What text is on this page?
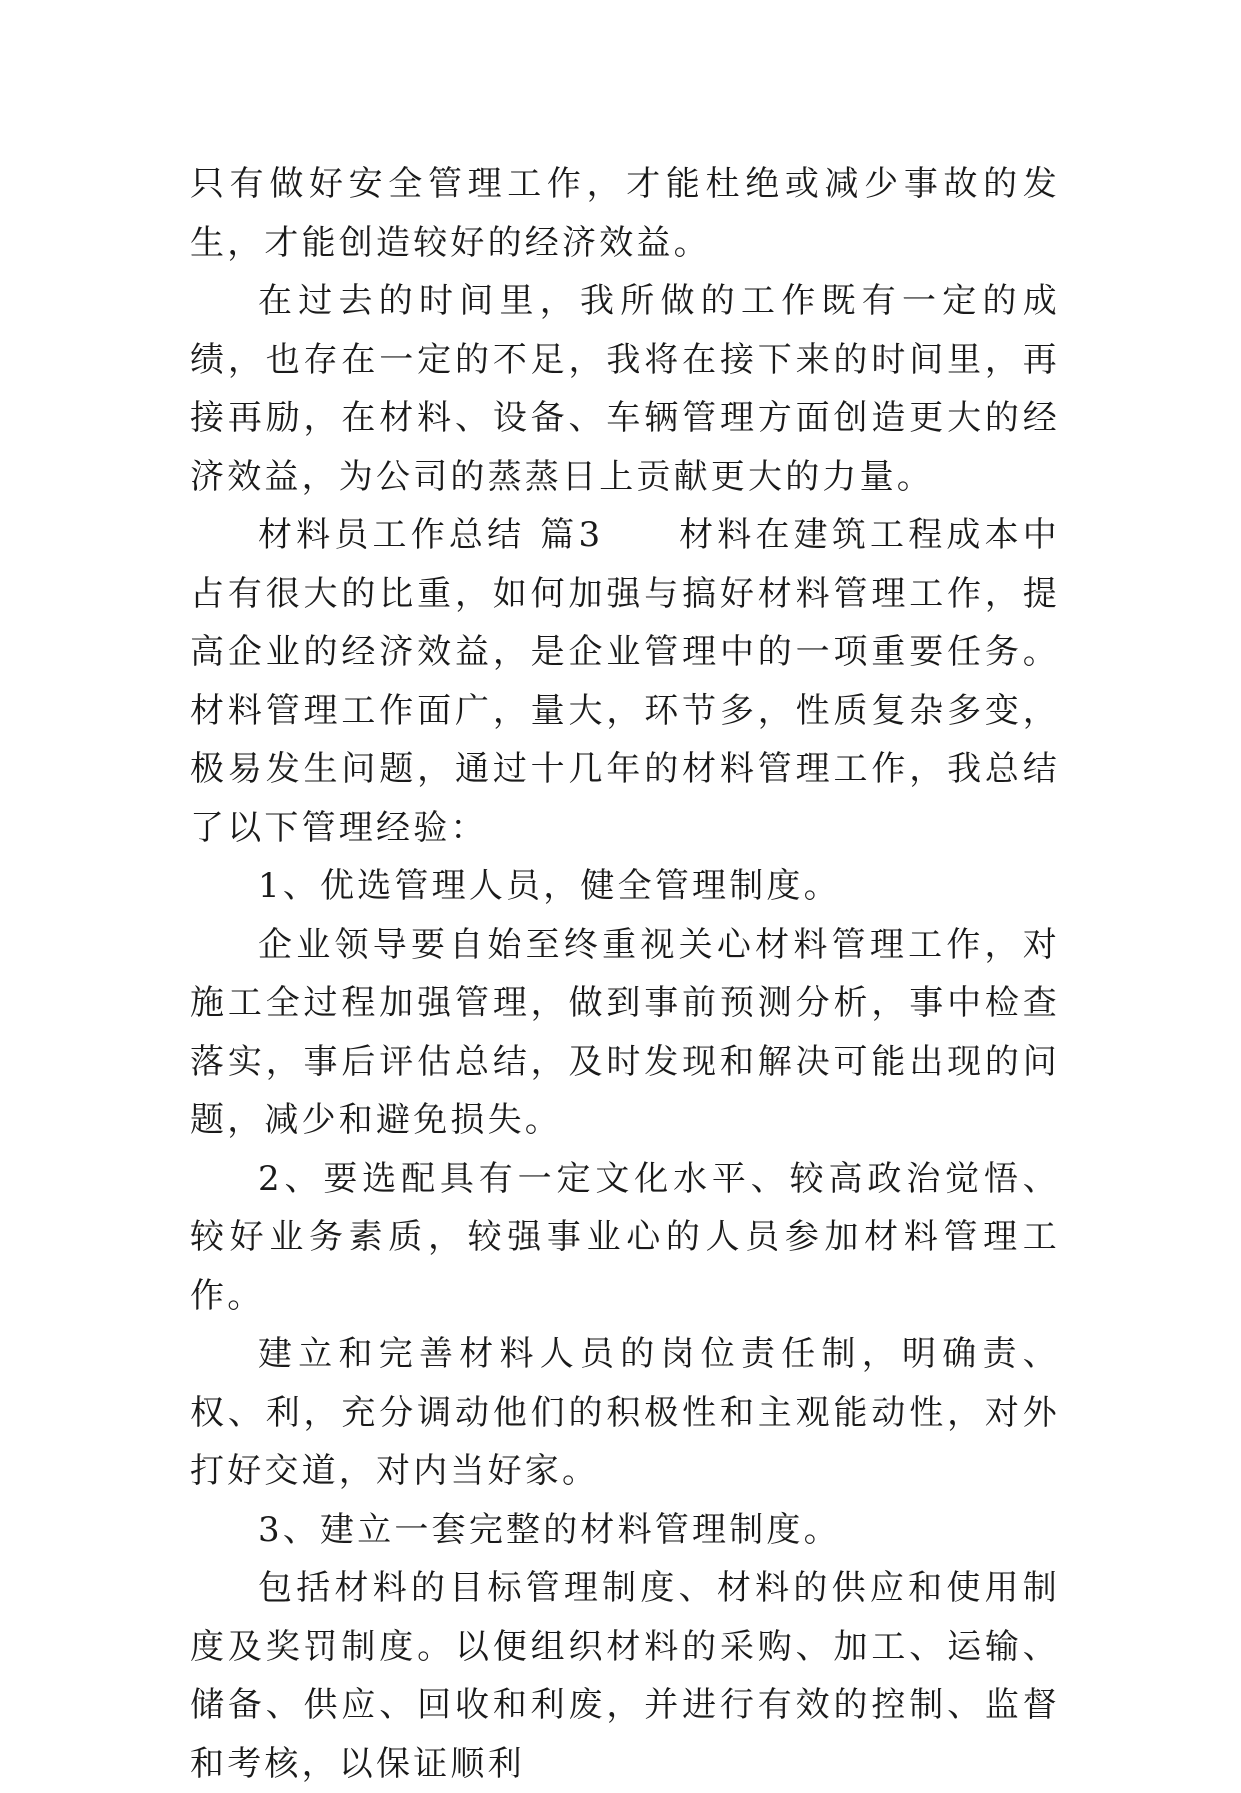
只有做好安全管理工作，才能杜绝或减少事故的发生，才能创造较好的经济效益。

在过去的时间里，我所做的工作既有一定的成绩，也存在一定的不足，我将在接下来的时间里，再接再励，在材料、设备、车辆管理方面创造更大的经济效益，为公司的蒸蒸日上贡献更大的力量。

材料员工作总结 篇3 材料在建筑工程成本中占有很大的比重，如何加强与搞好材料管理工作，提高企业的经济效益，是企业管理中的一项重要任务。材料管理工作面广，量大，环节多，性质复杂多变，极易发生问题，通过十几年的材料管理工作，我总结了以下管理经验：

1、优选管理人员，健全管理制度。

企业领导要自始至终重视关心材料管理工作，对施工全过程加强管理，做到事前预测分析，事中检查落实，事后评估总结，及时发现和解决可能出现的问题，减少和避免损失。

2、要选配具有一定文化水平、较高政治觉悟、较好业务素质，较强事业心的人员参加材料管理工作。

建立和完善材料人员的岗位责任制，明确责、权、利，充分调动他们的积极性和主观能动性，对外打好交道，对内当好家。

3、建立一套完整的材料管理制度。

包括材料的目标管理制度、材料的供应和使用制度及奖罚制度。以便组织材料的采购、加工、运输、储备、供应、回收和利废，并进行有效的控制、监督和考核，以保证顺利
